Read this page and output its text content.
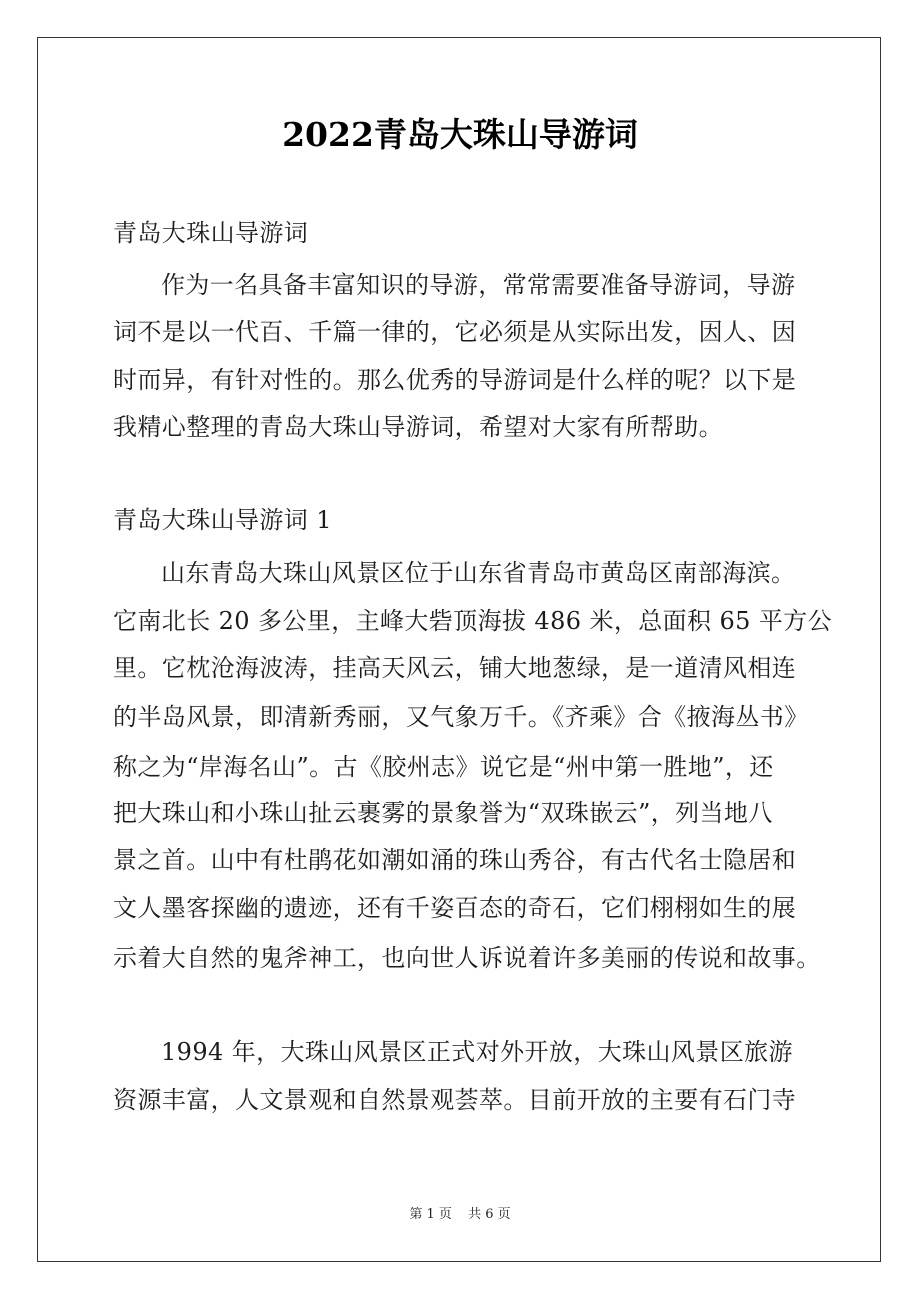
2022青岛大珠山导游词
青岛大珠山导游词
作为一名具备丰富知识的导游，常常需要准备导游词，导游
词不是以一代百、千篇一律的，它必须是从实际出发，因人、因
时而异，有针对性的。那么优秀的导游词是什么样的呢？以下是
我精心整理的青岛大珠山导游词，希望对大家有所帮助。
青岛大珠山导游词 1
山东青岛大珠山风景区位于山东省青岛市黄岛区南部海滨。
它南北长 20 多公里，主峰大砦顶海拔 486 米，总面积 65 平方公
里。它枕沧海波涛，挂高天风云，铺大地葱绿，是一道清风相连
的半岛风景，即清新秀丽，又气象万千。《齐乘》合《掖海丛书》
称之为“岸海名山”。古《胶州志》说它是“州中第一胜地”，还
把大珠山和小珠山扯云裹雾的景象誉为“双珠嵌云”，列当地八
景之首。山中有杜鹃花如潮如涌的珠山秀谷，有古代名士隐居和
文人墨客探幽的遗迹，还有千姿百态的奇石，它们栩栩如生的展
示着大自然的鬼斧神工，也向世人诉说着许多美丽的传说和故事。
1994 年，大珠山风景区正式对外开放，大珠山风景区旅游
资源丰富，人文景观和自然景观荟萃。目前开放的主要有石门寺
第 1 页 共 6 页
